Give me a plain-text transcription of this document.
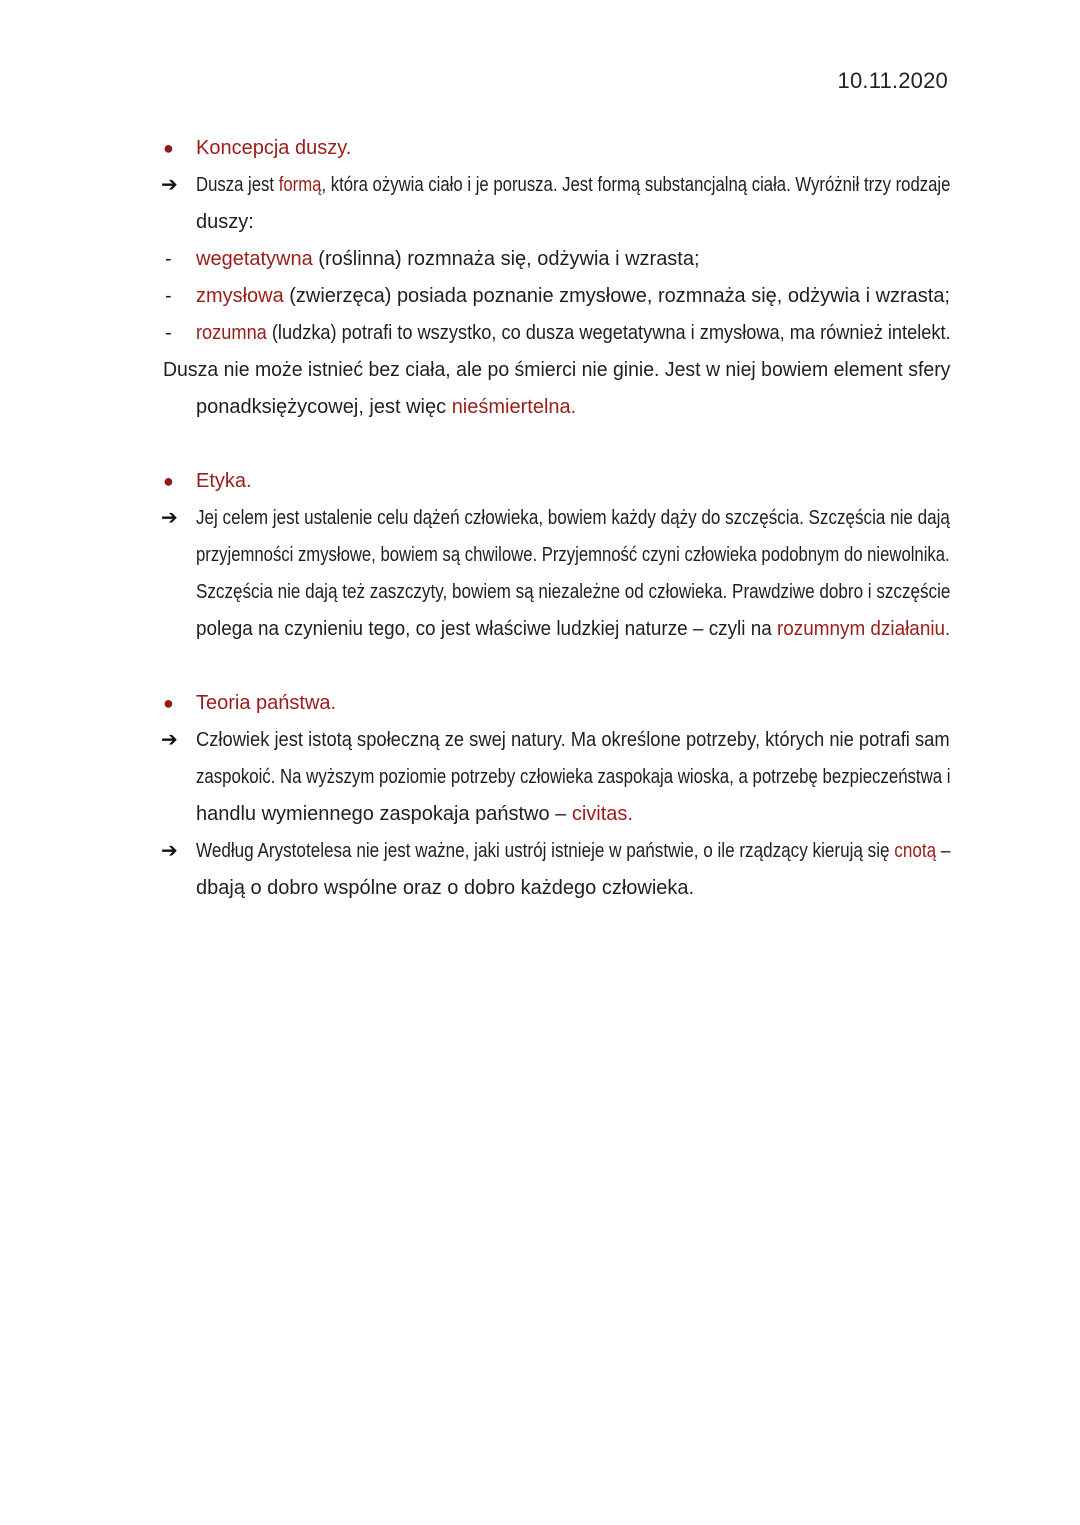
10.11.2020
● Koncepcja duszy.
➔ Dusza jest formą, która ożywia ciało i je porusza. Jest formą substancjalną ciała. Wyróżnił trzy rodzaje
duszy:
- wegetatywna (roślinna) rozmnaża się, odżywia i wzrasta;
- zmysłowa (zwierzęca) posiada poznanie zmysłowe, rozmnaża się, odżywia i wzrasta;
- rozumna (ludzka) potrafi to wszystko, co dusza wegetatywna i zmysłowa, ma również intelekt.
Dusza nie może istnieć bez ciała, ale po śmierci nie ginie. Jest w niej bowiem element sfery
ponadksiężycowej, jest więc nieśmiertelna.
● Etyka.
➔ Jej celem jest ustalenie celu dążeń człowieka, bowiem każdy dąży do szczęścia. Szczęścia nie dają
przyjemności zmysłowe, bowiem są chwilowe. Przyjemność czyni człowieka podobnym do niewolnika.
Szczęścia nie dają też zaszczyty, bowiem są niezależne od człowieka. Prawdziwe dobro i szczęście
polega na czynieniu tego, co jest właściwe ludzkiej naturze – czyli na rozumnym działaniu.
● Teoria państwa.
➔ Człowiek jest istotą społeczną ze swej natury. Ma określone potrzeby, których nie potrafi sam
zaspokoić. Na wyższym poziomie potrzeby człowieka zaspokaja wioska, a potrzebę bezpieczeństwa i
handlu wymiennego zaspokaja państwo – civitas.
➔ Według Arystotelesa nie jest ważne, jaki ustrój istnieje w państwie, o ile rządzący kierują się cnotą –
dbają o dobro wspólne oraz o dobro każdego człowieka.
